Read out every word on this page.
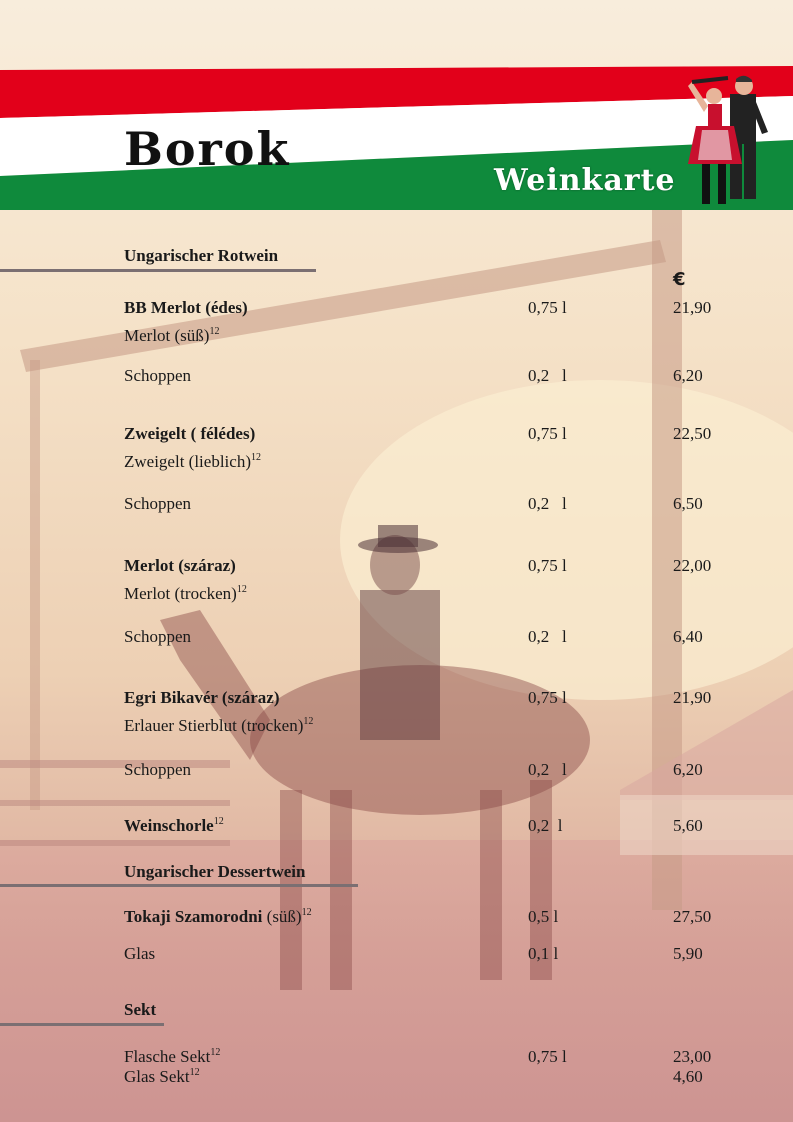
Borok
Weinkarte
Ungarischer Rotwein
€
BB Merlot (édes)	0,75 l	21,90
Merlot (süß)$^{12}$
Schoppen	0,2   l	6,20
Zweigelt ( félédes)	0,75 l	22,50
Zweigelt (lieblich)$^{12}$
Schoppen	0,2   l	6,50
Merlot (száraz)	0,75 l	22,00
Merlot (trocken)$^{12}$
Schoppen	0,2   l	6,40
Egri Bikavér (száraz)	0,75 l	21,90
Erlauer Stierblut (trocken)$^{12}$
Schoppen	0,2   l	6,20
Weinschorle$^{12}$	0,2  l	5,60
Ungarischer Dessertwein
Tokaji Szamorodni (süß)$^{12}$	0,5 l	27,50
Glas	0,1 l	5,90
Sekt
Flasche Sekt$^{12}$	0,75 l	23,00
Glas Sekt$^{12}$	4,60
